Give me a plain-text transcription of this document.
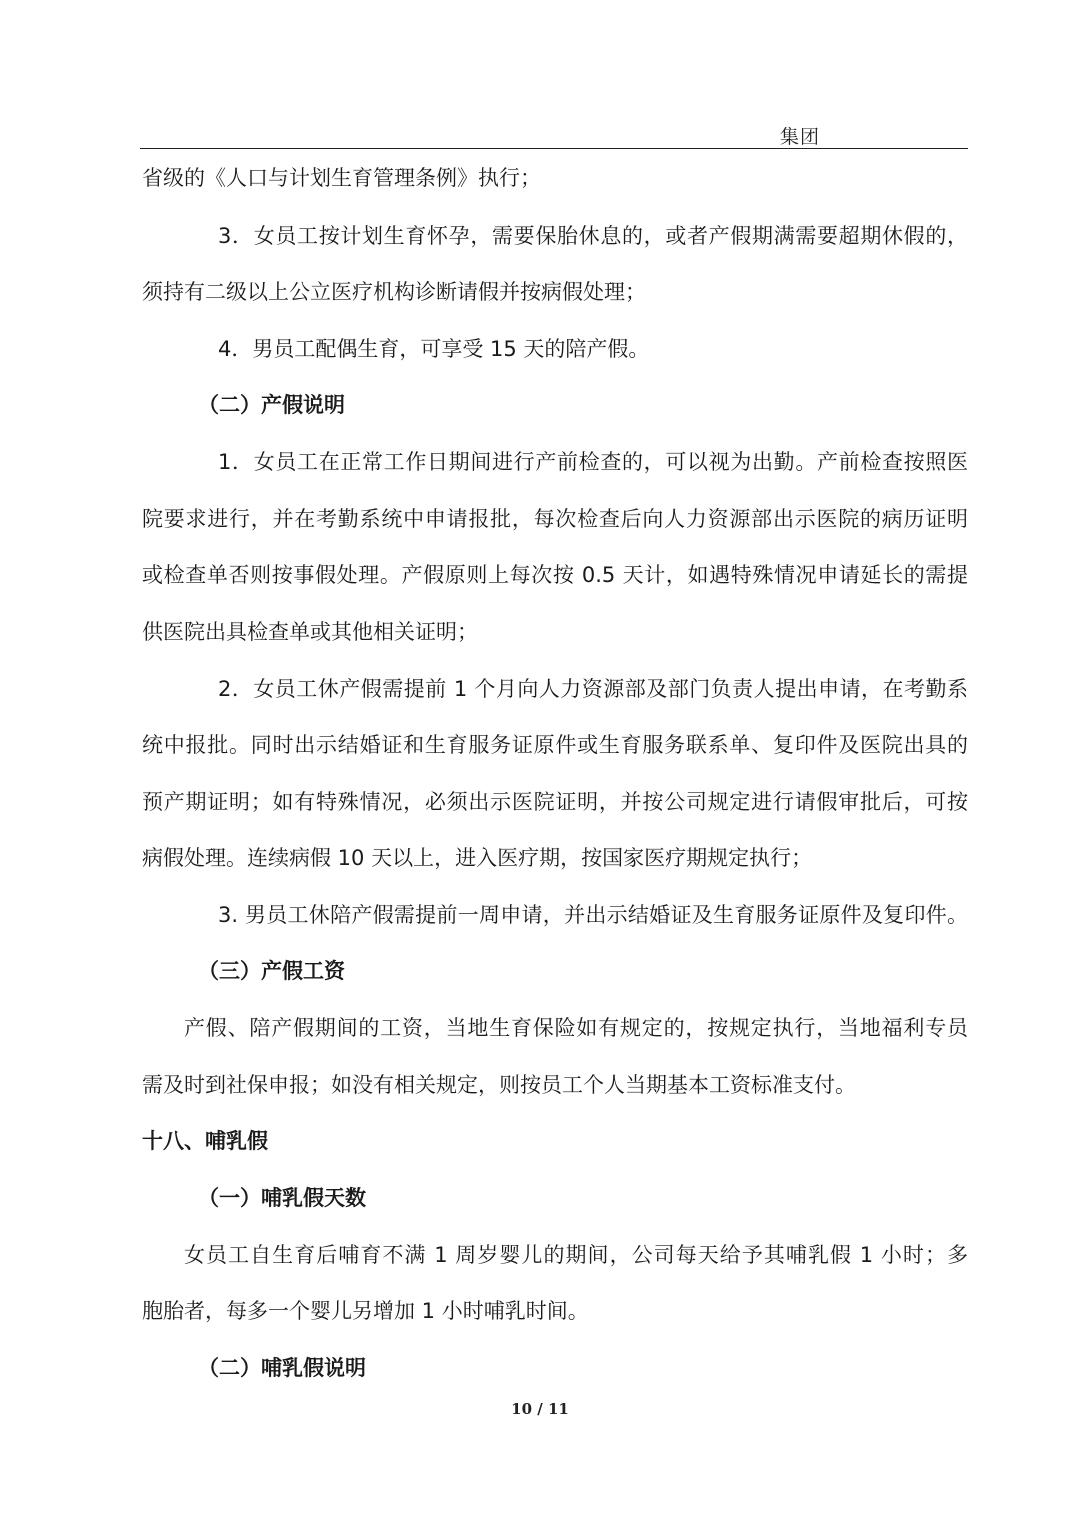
集团
省级的《人口与计划生育管理条例》执行；
3．女员工按计划生育怀孕，需要保胎休息的，或者产假期满需要超期休假的，
须持有二级以上公立医疗机构诊断请假并按病假处理；
4．男员工配偶生育，可享受 15 天的陪产假。
（二）产假说明
1．女员工在正常工作日期间进行产前检查的，可以视为出勤。产前检查按照医
院要求进行，并在考勤系统中申请报批，每次检查后向人力资源部出示医院的病历证明
或检查单否则按事假处理。产假原则上每次按 0.5 天计，如遇特殊情况申请延长的需提
供医院出具检查单或其他相关证明；
2．女员工休产假需提前 1 个月向人力资源部及部门负责人提出申请，在考勤系
统中报批。同时出示结婚证和生育服务证原件或生育服务联系单、复印件及医院出具的
预产期证明；如有特殊情况，必须出示医院证明，并按公司规定进行请假审批后，可按
病假处理。连续病假 10 天以上，进入医疗期，按国家医疗期规定执行；
3. 男员工休陪产假需提前一周申请，并出示结婚证及生育服务证原件及复印件。
（三）产假工资
产假、陪产假期间的工资，当地生育保险如有规定的，按规定执行，当地福利专员
需及时到社保申报；如没有相关规定，则按员工个人当期基本工资标准支付。
十八、哺乳假
（一）哺乳假天数
女员工自生育后哺育不满 1 周岁婴儿的期间，公司每天给予其哺乳假 1 小时；多
胞胎者，每多一个婴儿另增加 1 小时哺乳时间。
（二）哺乳假说明
10 / 11
